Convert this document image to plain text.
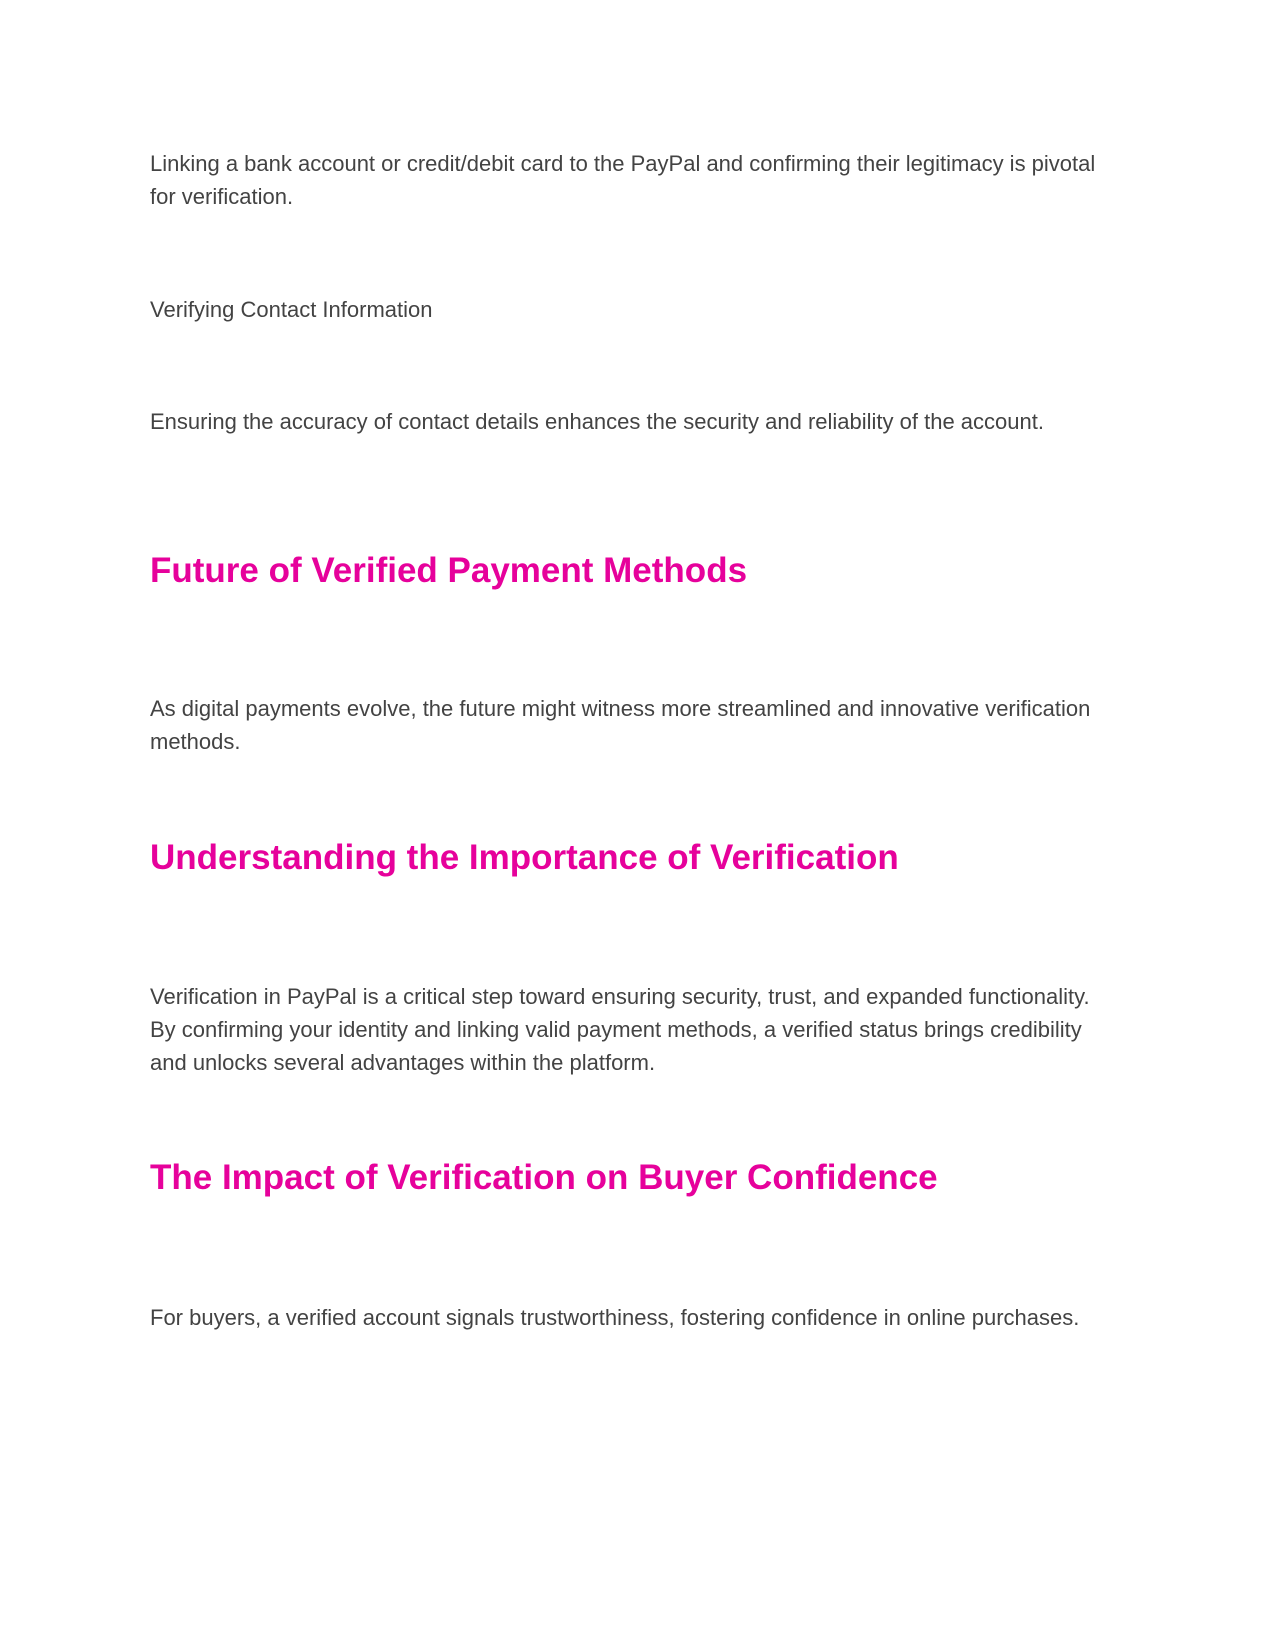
Linking a bank account or credit/debit card to the PayPal and confirming their legitimacy is pivotal for verification.

Verifying Contact Information

Ensuring the accuracy of contact details enhances the security and reliability of the account.

Future of Verified Payment Methods

As digital payments evolve, the future might witness more streamlined and innovative verification methods.

Understanding the Importance of Verification

Verification in PayPal is a critical step toward ensuring security, trust, and expanded functionality. By confirming your identity and linking valid payment methods, a verified status brings credibility and unlocks several advantages within the platform.

The Impact of Verification on Buyer Confidence

For buyers, a verified account signals trustworthiness, fostering confidence in online purchases.
